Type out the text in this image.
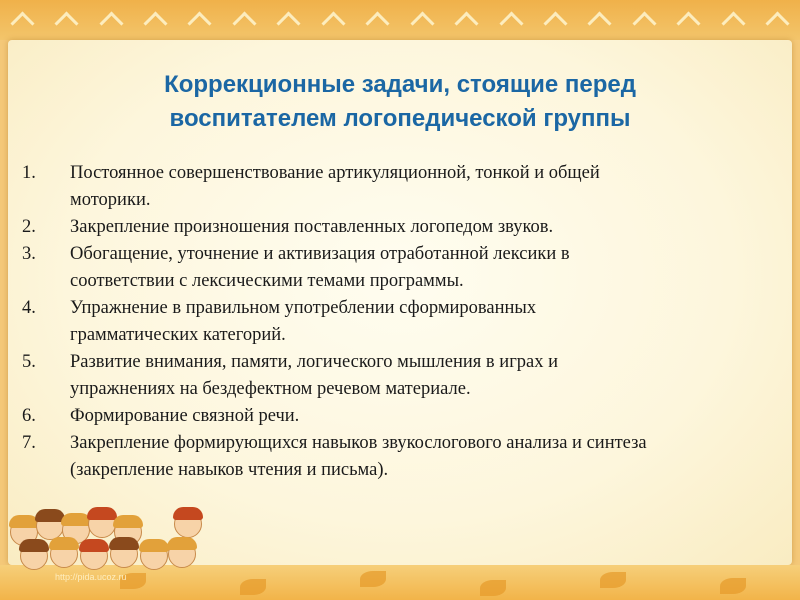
http://pida.ucoz.ru
Коррекционные задачи, стоящие перед
воспитателем логопедической группы
1.	Постоянное совершенствование артикуляционной, тонкой и общей
моторики.
2.	Закрепление произношения поставленных логопедом звуков.
3.	Обогащение, уточнение и активизация отработанной лексики в
соответствии с лексическими темами программы.
4.	Упражнение в правильном употреблении сформированных
грамматических категорий.
5.	Развитие внимания, памяти, логического мышления в играх и
упражнениях на бездефектном речевом материале.
6.	Формирование связной речи.
7.	Закрепление формирующихся навыков звукослогового анализа и синтеза
(закрепление навыков чтения и письма).
